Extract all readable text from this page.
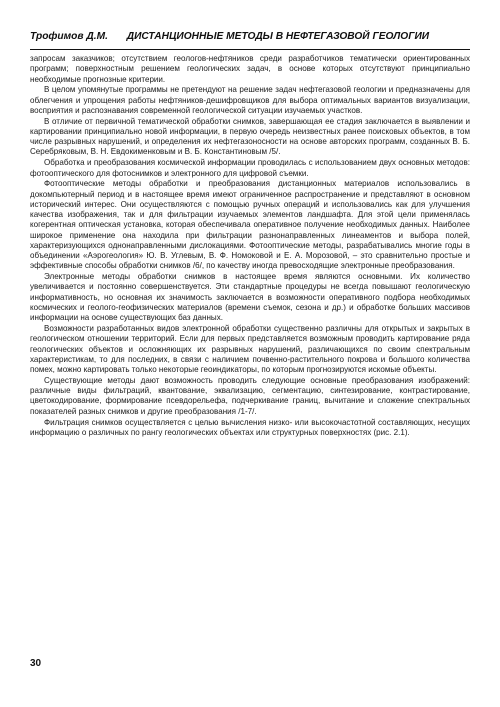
Трофимов Д.М. ДИСТАНЦИОННЫЕ МЕТОДЫ В НЕФТЕГАЗОВОЙ ГЕОЛОГИИ

запросам заказчиков; отсутствием геологов-нефтяников среди разработчиков тематически ориентированных программ; поверхностным решением геологических задач, в основе которых отсутствуют принципиально необходимые прогнозные критерии.

В целом упомянутые программы не претендуют на решение задач нефтегазовой геологии и предназначены для облегчения и упрощения работы нефтяников-дешифровщиков для выбора оптимальных вариантов визуализации, восприятия и распознавания современной геологической ситуации изучаемых участков.

В отличие от первичной тематической обработки снимков, завершающая ее стадия заключается в выявлении и картировании принципиально новой информации, в первую очередь неизвестных ранее поисковых объектов, в том числе разрывных нарушений, и определения их нефтегазоносности на основе авторских программ, созданных В. Б. Серебряковым, В. Н. Евдокименковым и В. Б. Константиновым /5/.

Обработка и преобразования космической информации проводилась с использованием двух основных методов: фотооптического для фотоснимков и электронного для цифровой съемки.

Фотооптические методы обработки и преобразования дистанционных материалов использовались в докомпьютерный период и в настоящее время имеют ограниченное распространение и представляют в основном исторический интерес. Они осуществляются с помощью ручных операций и использовались как для улучшения качества изображения, так и для фильтрации изучаемых элементов ландшафта. Для этой цели применялась когерентная оптическая установка, которая обеспечивала оперативное получение необходимых данных. Наиболее широкое применение она находила при фильтрации разнонаправленных линеаментов и выбора полей, характеризующихся однонаправленными дислокациями. Фотооптические методы, разрабатывались многие годы в объединении «Аэрогеология» Ю. В. Углевым, В. Ф. Номоковой и Е. А. Морозовой, – это сравнительно простые и эффективные способы обработки снимков /6/, по качеству иногда превосходящие электронные преобразования.

Электронные методы обработки снимков в настоящее время являются основными. Их количество увеличивается и постоянно совершенствуется. Эти стандартные процедуры не всегда повышают геологическую информативность, но основная их значимость заключается в возможности оперативного подбора необходимых космических и геолого-геофизических материалов (времени съемок, сезона и др.) и обработке больших массивов информации на основе существующих баз данных.

Возможности разработанных видов электронной обработки существенно различны для открытых и закрытых в геологическом отношении территорий. Если для первых представляется возможным проводить картирование ряда геологических объектов и осложняющих их разрывных нарушений, различающихся по своим спектральным характеристикам, то для последних, в связи с наличием почвенно-растительного покрова и большого количества помех, можно картировать только некоторые геоиндикаторы, по которым прогнозируются искомые объекты.

Существующие методы дают возможность проводить следующие основные преобразования изображений: различные виды фильтраций, квантование, эквализацию, сегментацию, синтезирование, контрастирование, цветокодирование, формирование псевдорельефа, подчеркивание границ, вычитание и сложение спектральных показателей разных снимков и другие преобразования /1-7/.

Фильтрация снимков осуществляется с целью вычисления низко- или высокочастотной составляющих, несущих информацию о различных по рангу геологических объектах или структурных поверхностях (рис. 2.1).

30
